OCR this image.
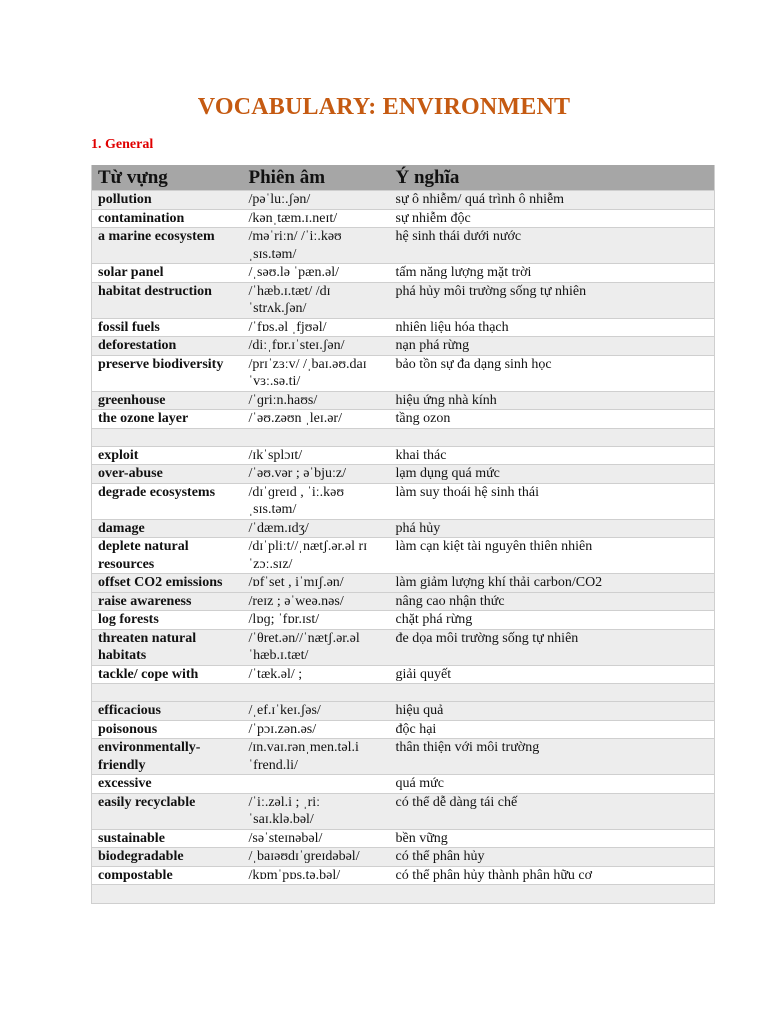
VOCABULARY: ENVIRONMENT
1. General
Từ vựng	Phiên âm	Ý nghĩa
pollution	/pəˈluː.ʃən/	sự ô nhiễm/ quá trình ô nhiễm
contamination	/kənˌtæm.ɪ.neɪt/	sự nhiễm độc
a marine ecosystem	/məˈriːn/ /ˈiː.kəʊ ˌsɪs.təm/	hệ sinh thái dưới nước
solar panel	/ˌsəʊ.lə ˈpæn.əl/	tấm năng lượng mặt trời
habitat destruction	/ˈhæb.ɪ.tæt/ /dɪ ˈstrʌk.ʃən/	phá hủy môi trường sống tự nhiên
fossil fuels	/ˈfɒs.əl ˌfjʊəl/	nhiên liệu hóa thạch
deforestation	/diːˌfɒr.ɪˈsteɪ.ʃən/	nạn phá rừng
preserve biodiversity	/prɪˈzɜːv/ /ˌbaɪ.əʊ.daɪ ˈvɜː.sə.ti/	bảo tồn sự đa dạng sinh học
greenhouse	/ˈɡriːn.haʊs/	hiệu ứng nhà kính
the ozone layer	/ˈəʊ.zəʊn ˌleɪ.ər/	tầng ozon

exploit	/ɪkˈsplɔɪt/	khai thác
over-abuse	/ˈəʊ.vər ; əˈbjuːz/	lạm dụng quá mức
degrade ecosystems	/dɪˈɡreɪd , ˈiː.kəʊ ˌsɪs.təm/	làm suy thoái hệ sinh thái
damage	/ˈdæm.ɪdʒ/	phá hủy
deplete natural resources	/dɪˈpliːt//ˌnætʃ.ər.əl rɪ ˈzɔː.sɪz/	làm cạn kiệt tài nguyên thiên nhiên
offset CO2 emissions	/ɒfˈset , iˈmɪʃ.ən/	làm giảm lượng khí thải carbon/CO2
raise awareness	/reɪz ; əˈweə.nəs/	nâng cao nhận thức
log forests	/lɒɡ; ˈfɒr.ɪst/	chặt phá rừng
threaten natural habitats	/ˈθret.ən//ˈnætʃ.ər.əl ˈhæb.ɪ.tæt/	đe dọa môi trường sống tự nhiên
tackle/ cope with	/ˈtæk.əl/ ;	giải quyết

efficacious	/ˌef.ɪˈkeɪ.ʃəs/	hiệu quả
poisonous	/ˈpɔɪ.zən.əs/	độc hại
environmentally-friendly	/ɪn.vaɪ.rənˌmen.təl.i ˈfrend.li/	thân thiện với môi trường
excessive		quá mức
easily recyclable	/ˈiː.zəl.i ; ˌriː ˈsaɪ.klə.bəl/	có thể dễ dàng tái chế
sustainable	/səˈsteɪnəbəl/	bền vững
biodegradable	/ˌbaɪəʊdɪˈɡreɪdəbəl/	có thể phân hủy
compostable	/kɒmˈpɒs.tə.bəl/	có thể phân hủy thành phân hữu cơ
